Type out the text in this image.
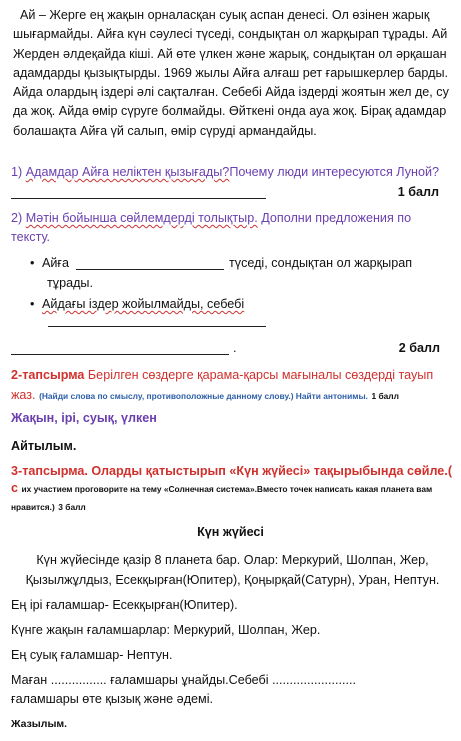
Ай – Жерге ең жақын орналасқан суық аспан денесі. Ол өзінен жарық шығармайды. Айға күн сәулесі түседі, сондықтан ол жарқырап тұрады. Ай Жерден әлдеқайда кіші. Ай өте үлкен және жарық, сондықтан ол әрқашан адамдарды қызықтырды. 1969 жылы Айға алғаш рет ғарышкерлер барды. Айда олардың іздері әлі сақталған. Себебі Айда іздерді жоятын жел де, су да жоқ. Айда өмір сүруге болмайды. Өйткені онда ауа жоқ. Бірақ адамдар болашақта Айға үй салып, өмір сүруді армандайды.
1) Адамдар Айға неліктен қызығады?Почему люди интересуются Луной?
1 балл
2) Мәтін бойынша сөйлемдерді толықтыр. Дополни предложения по тексту.
• Айға	түседі, сондықтан ол жарқырап
тұрады.
• Айдағы іздер жойылмайды, себебі
.	2 балл
2-тапсырма Берілген сөздерге қарама-қарсы мағыналы сөздерді тауып жаз. (Найди слова по смыслу, противоположные данному слову.) Найти антонимы. 1 балл
Жақын, ірі, суық, үлкен
Айтылым.
3-тапсырма. Оларды қатыстырып «Күн жүйесі» тақырыбында сөйле.( с их участием проговорите на тему «Солнечная система».Вместо точек написать какая планета вам нравится.) 3 балл
Күн жүйесі
Күн жүйесінде қазір 8 планета бар. Олар: Меркурий, Шолпан, Жер, Қызылжұлдыз, Есекқырған(Юпитер), Қоңырқай(Сатурн), Уран, Нептун.
Ең ірі ғаламшар- Есекқырған(Юпитер).
Күнге жақын ғаламшарлар: Меркурий, Шолпан, Жер.
Ең суық ғаламшар- Нептун.
Маған ................ ғаламшары ұнайды.Себебі ........................
ғаламшары өте қызық және әдемі.
Жазылым.
